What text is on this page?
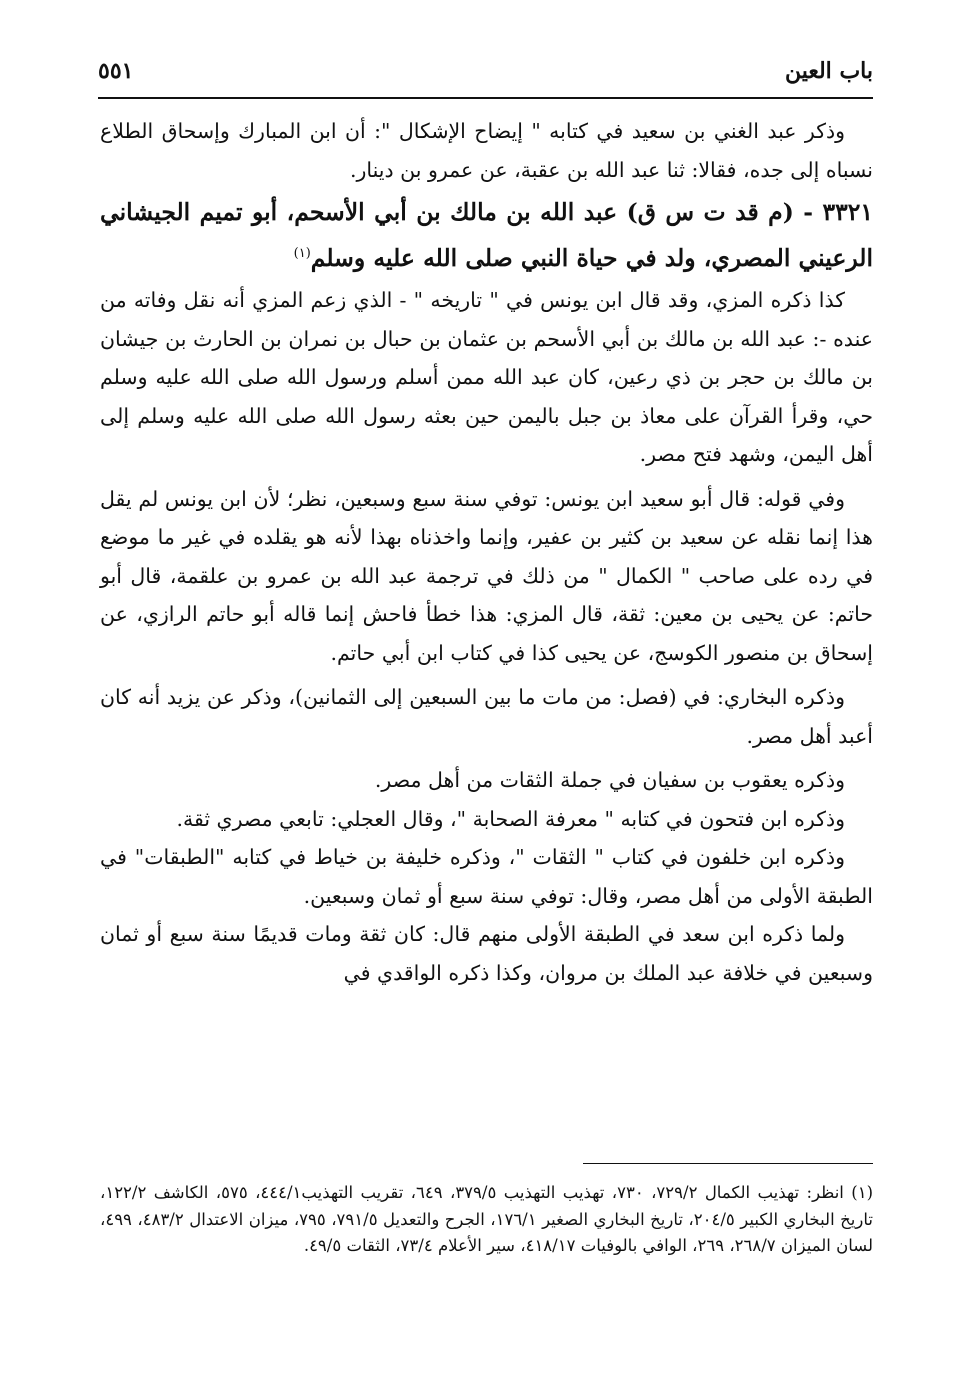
باب العين
٥٥١

وذكر عبد الغني بن سعيد في كتابه " إيضاح الإشكال ": أن ابن المبارك وإسحاق الطلاع نسباه إلى جده، فقالا: ثنا عبد الله بن عقبة، عن عمرو بن دينار.

٣٣٢١ - (م قد ت س ق) عبد الله بن مالك بن أبي الأسحم، أبو تميم الجيشاني الرعيني المصري، ولد في حياة النبي صلى الله عليه وسلم$^{(١)}$

كذا ذكره المزي، وقد قال ابن يونس في " تاريخه " - الذي زعم المزي أنه نقل وفاته من عنده -: عبد الله بن مالك بن أبي الأسحم بن عثمان بن حبال بن نمران بن الحارث بن جيشان بن مالك بن حجر بن ذي رعين، كان عبد الله ممن أسلم ورسول الله صلى الله عليه وسلم حي، وقرأ القرآن على معاذ بن جبل باليمن حين بعثه رسول الله صلى الله عليه وسلم إلى أهل اليمن، وشهد فتح مصر.

وفي قوله: قال أبو سعيد ابن يونس: توفي سنة سبع وسبعين، نظر؛ لأن ابن يونس لم يقل هذا إنما نقله عن سعيد بن كثير بن عفير، وإنما واخذناه بهذا لأنه هو يقلده في غير ما موضع في رده على صاحب " الكمال " من ذلك في ترجمة عبد الله بن عمرو بن علقمة، قال أبو حاتم: عن يحيى بن معين: ثقة، قال المزي: هذا خطأ فاحش إنما قاله أبو حاتم الرازي، عن إسحاق بن منصور الكوسج، عن يحيى كذا في كتاب ابن أبي حاتم.

وذكره البخاري: في (فصل: من مات ما بين السبعين إلى الثمانين)، وذكر عن يزيد أنه كان أعبد أهل مصر.

وذكره يعقوب بن سفيان في جملة الثقات من أهل مصر.

وذكره ابن فتحون في كتابه " معرفة الصحابة "، وقال العجلي: تابعي مصري ثقة.

وذكره ابن خلفون في كتاب " الثقات "، وذكره خليفة بن خياط في كتابه "الطبقات" في الطبقة الأولى من أهل مصر، وقال: توفي سنة سبع أو ثمان وسبعين.

ولما ذكره ابن سعد في الطبقة الأولى منهم قال: كان ثقة ومات قديمًا سنة سبع أو ثمان وسبعين في خلافة عبد الملك بن مروان، وكذا ذكره الواقدي في

(١) انظر: تهذيب الكمال ٧٢٩/٢، ٧٣٠، تهذيب التهذيب ٣٧٩/٥، ٦٤٩، تقريب التهذيب٤٤٤/١، ٥٧٥، الكاشف ١٢٢/٢، تاريخ البخاري الكبير ٢٠٤/٥، تاريخ البخاري الصغير ١٧٦/١، الجرح والتعديل ٧٩١/٥، ٧٩٥، ميزان الاعتدال ٤٨٣/٢، ٤٩٩، لسان الميزان ٢٦٨/٧، ٢٦٩، الوافي بالوفيات ٤١٨/١٧، سير الأعلام ٧٣/٤، الثقات ٤٩/٥.
